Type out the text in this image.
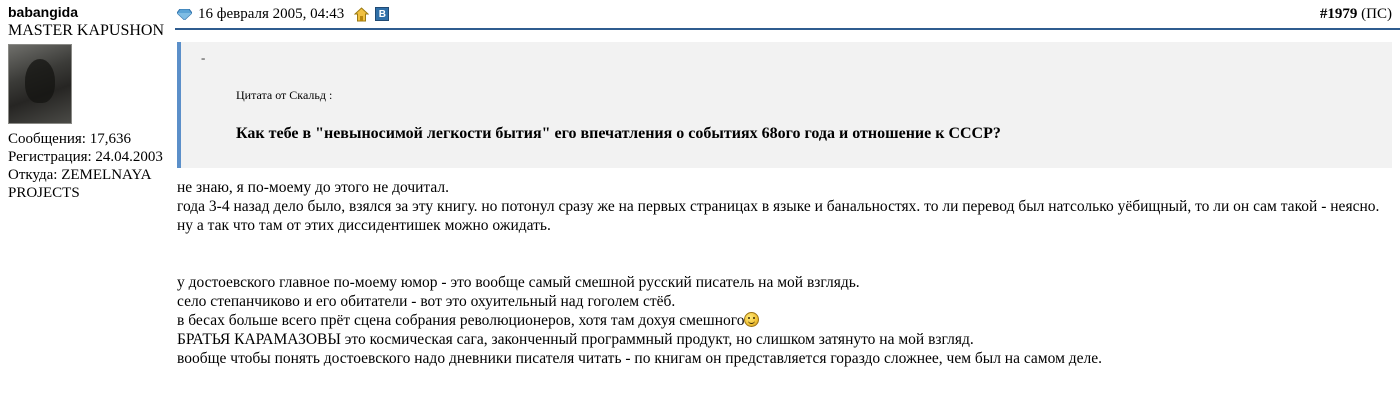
babangida
MASTER KAPUSHON
Сообщения: 17,636
Регистрация: 24.04.2003
Откуда: ZEMELNAYA PROJECTS
16 февраля 2005, 04:43	В	#1979 (ПС)
-
Цитата от Скальд :
Как тебе в "невыносимой легкости бытия" его впечатления о событиях 68ого года и отношение к СССР?

не знаю, я по-моему до этого не дочитал.

года 3-4 назад дело было, взялся за эту книгу. но потонул сразу же на первых страницах в языке и банальностях. то ли перевод был натсолько уёбищный, то ли он сам такой - неясно.

ну а так что там от этих диссидентишек можно ожидать.

у достоевского главное по-моему юмор - это вообще самый смешной русский писатель на мой взглядь.

село степанчиково и его обитатели - вот это охуительный над гоголем стёб.

в бесах больше всего прёт сцена собрания революционеров, хотя там дохуя смешного

БРАТЬЯ КАРАМАЗОВЫ это космическая сага, законченный программный продукт, но слишком затянуто на мой взгляд.

вообще чтобы понять достоевского надо дневники писателя читать - по книгам он представляется гораздо сложнее, чем был на самом деле.
